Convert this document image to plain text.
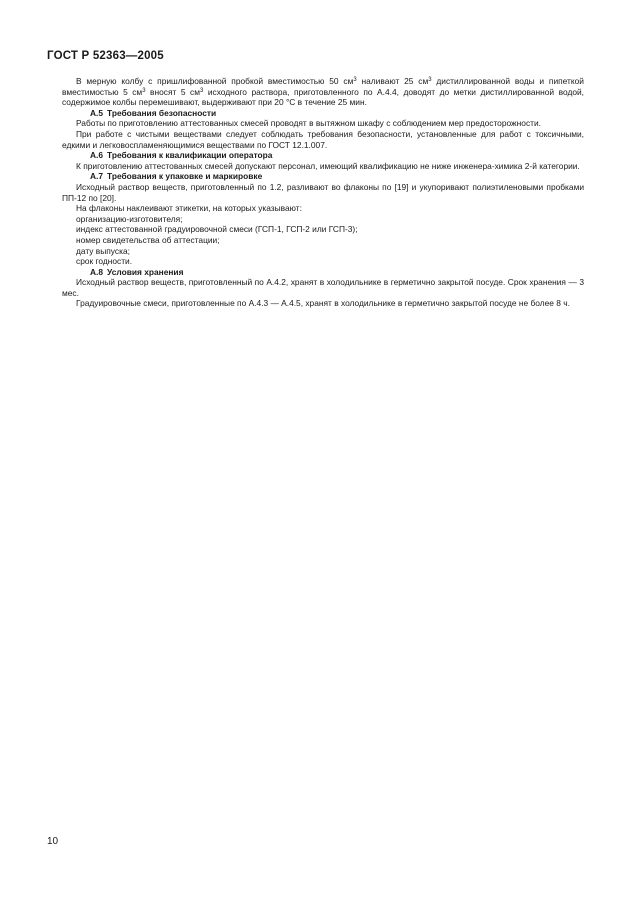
ГОСТ Р 52363—2005

В мерную колбу с пришлифованной пробкой вместимостью 50 $см^3$ наливают 25 $см^3$ дистиллированной воды и пипеткой вместимостью 5 $см^3$ вносят 5 $см^3$ исходного раствора, приготовленного по А.4.4, доводят до метки дистиллированной водой, содержимое колбы перемешивают, выдерживают при 20 °С в течение 25 мин.

А.5 Требования безопасности

Работы по приготовлению аттестованных смесей проводят в вытяжном шкафу с соблюдением мер предосторожности.

При работе с чистыми веществами следует соблюдать требования безопасности, установленные для работ с токсичными, едкими и легковоспламеняющимися веществами по ГОСТ 12.1.007.

А.6 Требования к квалификации оператора

К приготовлению аттестованных смесей допускают персонал, имеющий квалификацию не ниже инженера-химика 2-й категории.

А.7 Требования к упаковке и маркировке

Исходный раствор веществ, приготовленный по 1.2, разливают во флаконы по [19] и укупоривают полиэтиленовыми пробками ПП-12 по [20].

На флаконы наклеивают этикетки, на которых указывают:

организацию-изготовителя;

индекс аттестованной градуировочной смеси (ГСП-1, ГСП-2 или ГСП-3);

номер свидетельства об аттестации;

дату выпуска;

срок годности.

А.8 Условия хранения

Исходный раствор веществ, приготовленный по А.4.2, хранят в холодильнике в герметично закрытой посуде. Срок хранения — 3 мес.

Градуировочные смеси, приготовленные по А.4.3 — А.4.5, хранят в холодильнике в герметично закрытой посуде не более 8 ч.

10
